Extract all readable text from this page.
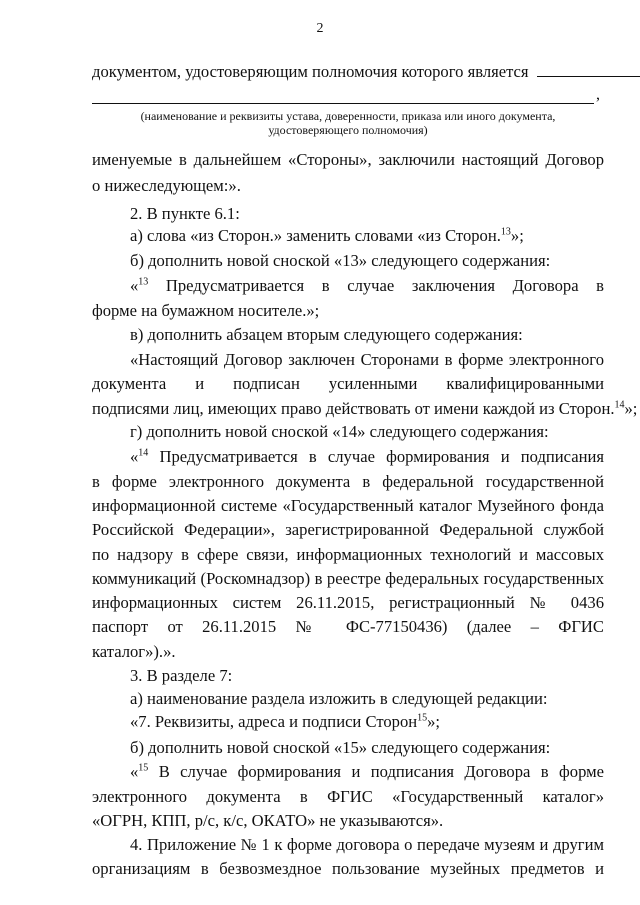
2
документом, удостоверяющим полномочия которого является
,
(наименование и реквизиты устава, доверенности, приказа или иного документа,
удостоверяющего полномочия)
именуемые в дальнейшем «Стороны», заключили настоящий Договор
о нижеследующем:».
2. В пункте 6.1:
а) слова «из Сторон.» заменить словами «из Сторон.$^{13}$»;
б) дополнить новой сноской «13» следующего содержания:
«$^{13}$ Предусматривается в случае заключения Договора в
форме на бумажном носителе.»;
в) дополнить абзацем вторым следующего содержания:
«Настоящий Договор заключен Сторонами в форме электронного
документа и подписан усиленными квалифицированными
подписями лиц, имеющих право действовать от имени каждой из Сторон.$^{14}$»;
г) дополнить новой сноской «14» следующего содержания:
«$^{14}$ Предусматривается в случае формирования и подписания
в форме электронного документа в федеральной государственной
информационной системе «Государственный каталог Музейного фонда
Российской Федерации», зарегистрированной Федеральной службой
по надзору в сфере связи, информационных технологий и массовых
коммуникаций (Роскомнадзор) в реестре федеральных государственных
информационных систем 26.11.2015, регистрационный № 0436
паспорт от 26.11.2015 № ФС-77150436) (далее – ФГИС
каталог»).».
3. В разделе 7:
а) наименование раздела изложить в следующей редакции:
«7. Реквизиты, адреса и подписи Сторон$^{15}$»;
б) дополнить новой сноской «15» следующего содержания:
«$^{15}$ В случае формирования и подписания Договора в форме
электронного документа в ФГИС «Государственный каталог»
«ОГРН, КПП, р/с, к/с, ОКАТО» не указываются».
4. Приложение № 1 к форме договора о передаче музеям и другим
организациям в безвозмездное пользование музейных предметов и
